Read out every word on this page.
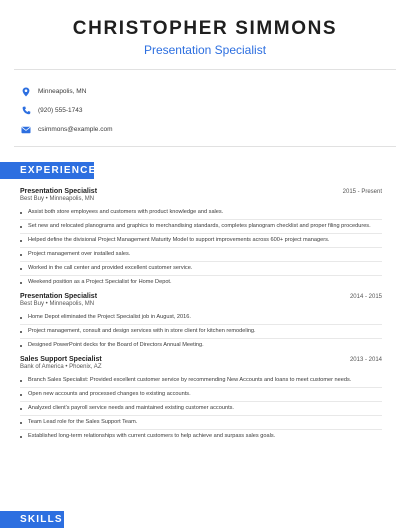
CHRISTOPHER SIMMONS
Presentation Specialist
Minneapolis, MN
(920) 555-1743
csimmons@example.com
EXPERIENCE
Presentation Specialist	2015 - Present
Best Buy • Minneapolis, MN
Assist both store employees and customers with product knowledge and sales.
Set new and relocated planograms and graphics to merchandising standards, completes planogram checklist and proper filing procedures.
Helped define the divisional Project Management Maturity Model to support improvements across 600+ project managers.
Project management over installed sales.
Worked in the call center and provided excellent customer service.
Weekend position as a Project Specialist for Home Depot.
Presentation Specialist	2014 - 2015
Best Buy • Minneapolis, MN
Home Depot eliminated the Project Specialist job in August, 2016.
Project management, consult and design services with in store client for kitchen remodeling.
Designed PowerPoint decks for the Board of Directors Annual Meeting.
Sales Support Specialist	2013 - 2014
Bank of America • Phoenix, AZ
Branch Sales Specialist: Provided excellent customer service by recommending New Accounts and loans to meet customer needs.
Open new accounts and processed changes to existing accounts.
Analyzed client's payroll service needs and maintained existing customer accounts.
Team Lead role for the Sales Support Team.
Established long-term relationships with current customers to help achieve and surpass sales goals.
SKILLS
